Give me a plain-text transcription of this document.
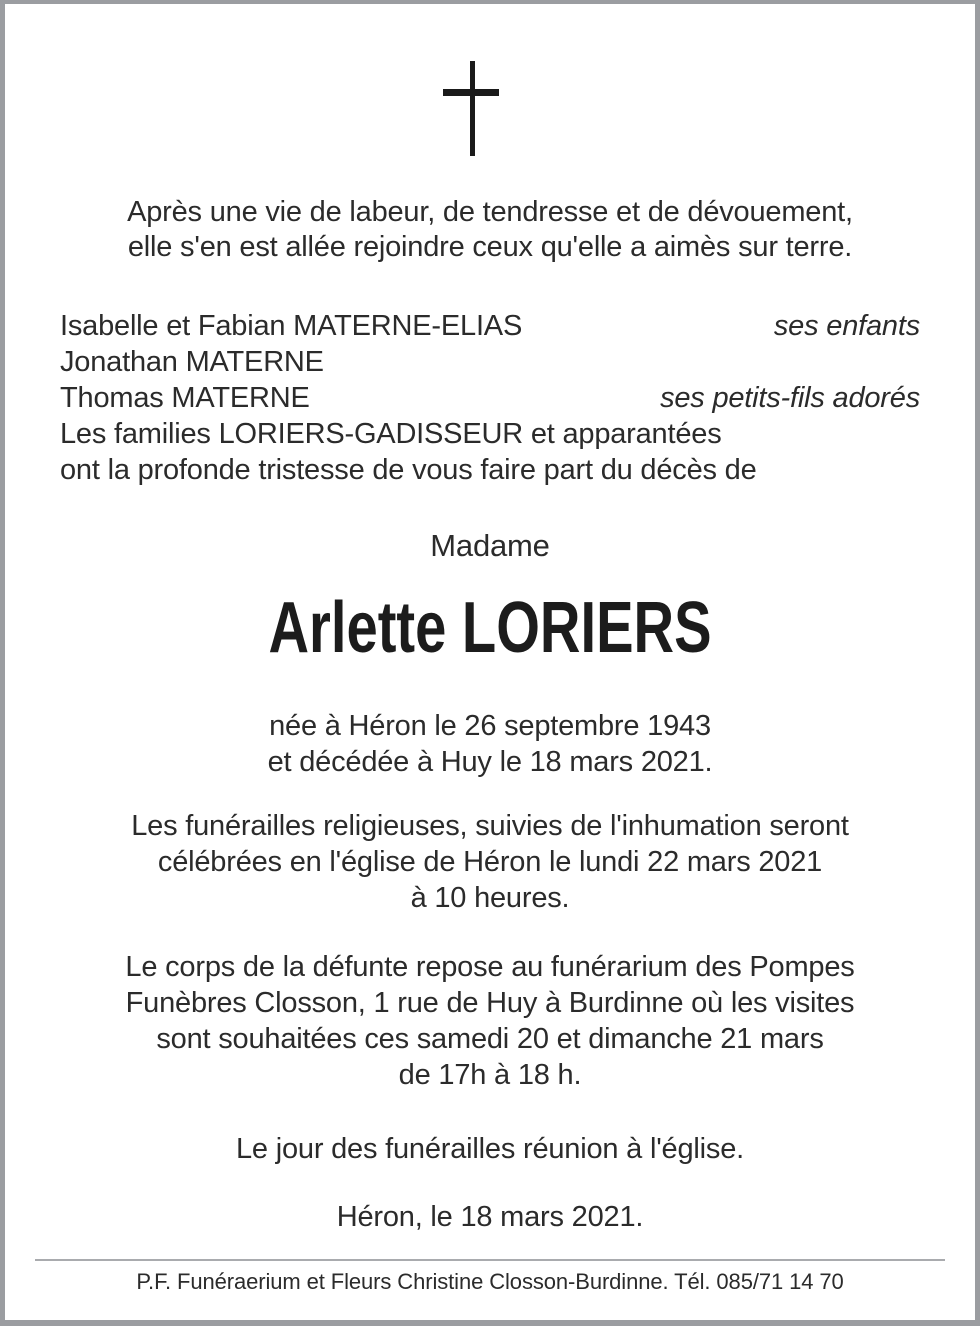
Après une vie de labeur, de tendresse et de dévouement,
elle s'en est allée rejoindre ceux qu'elle a aimès sur terre.
Isabelle et Fabian MATERNE-ELIAS	ses enfants
Jonathan MATERNE
Thomas MATERNE	ses petits-fils adorés
Les families LORIERS-GADISSEUR et apparantées
ont la profonde tristesse de vous faire part du décès de
Madame
Arlette LORIERS
née à Héron le 26 septembre 1943
et décédée à Huy le 18 mars 2021.
Les funérailles religieuses, suivies de l'inhumation seront
célébrées en l'église de Héron le lundi 22 mars 2021
à 10 heures.
Le corps de la défunte repose au funérarium des Pompes
Funèbres Closson, 1 rue de Huy à Burdinne où les visites
sont souhaitées ces samedi 20 et dimanche 21 mars
de 17h à 18 h.
Le jour des funérailles réunion à l'église.
Héron, le 18 mars 2021.
P.F. Funéraerium et Fleurs Christine Closson-Burdinne. Tél. 085/71 14 70
